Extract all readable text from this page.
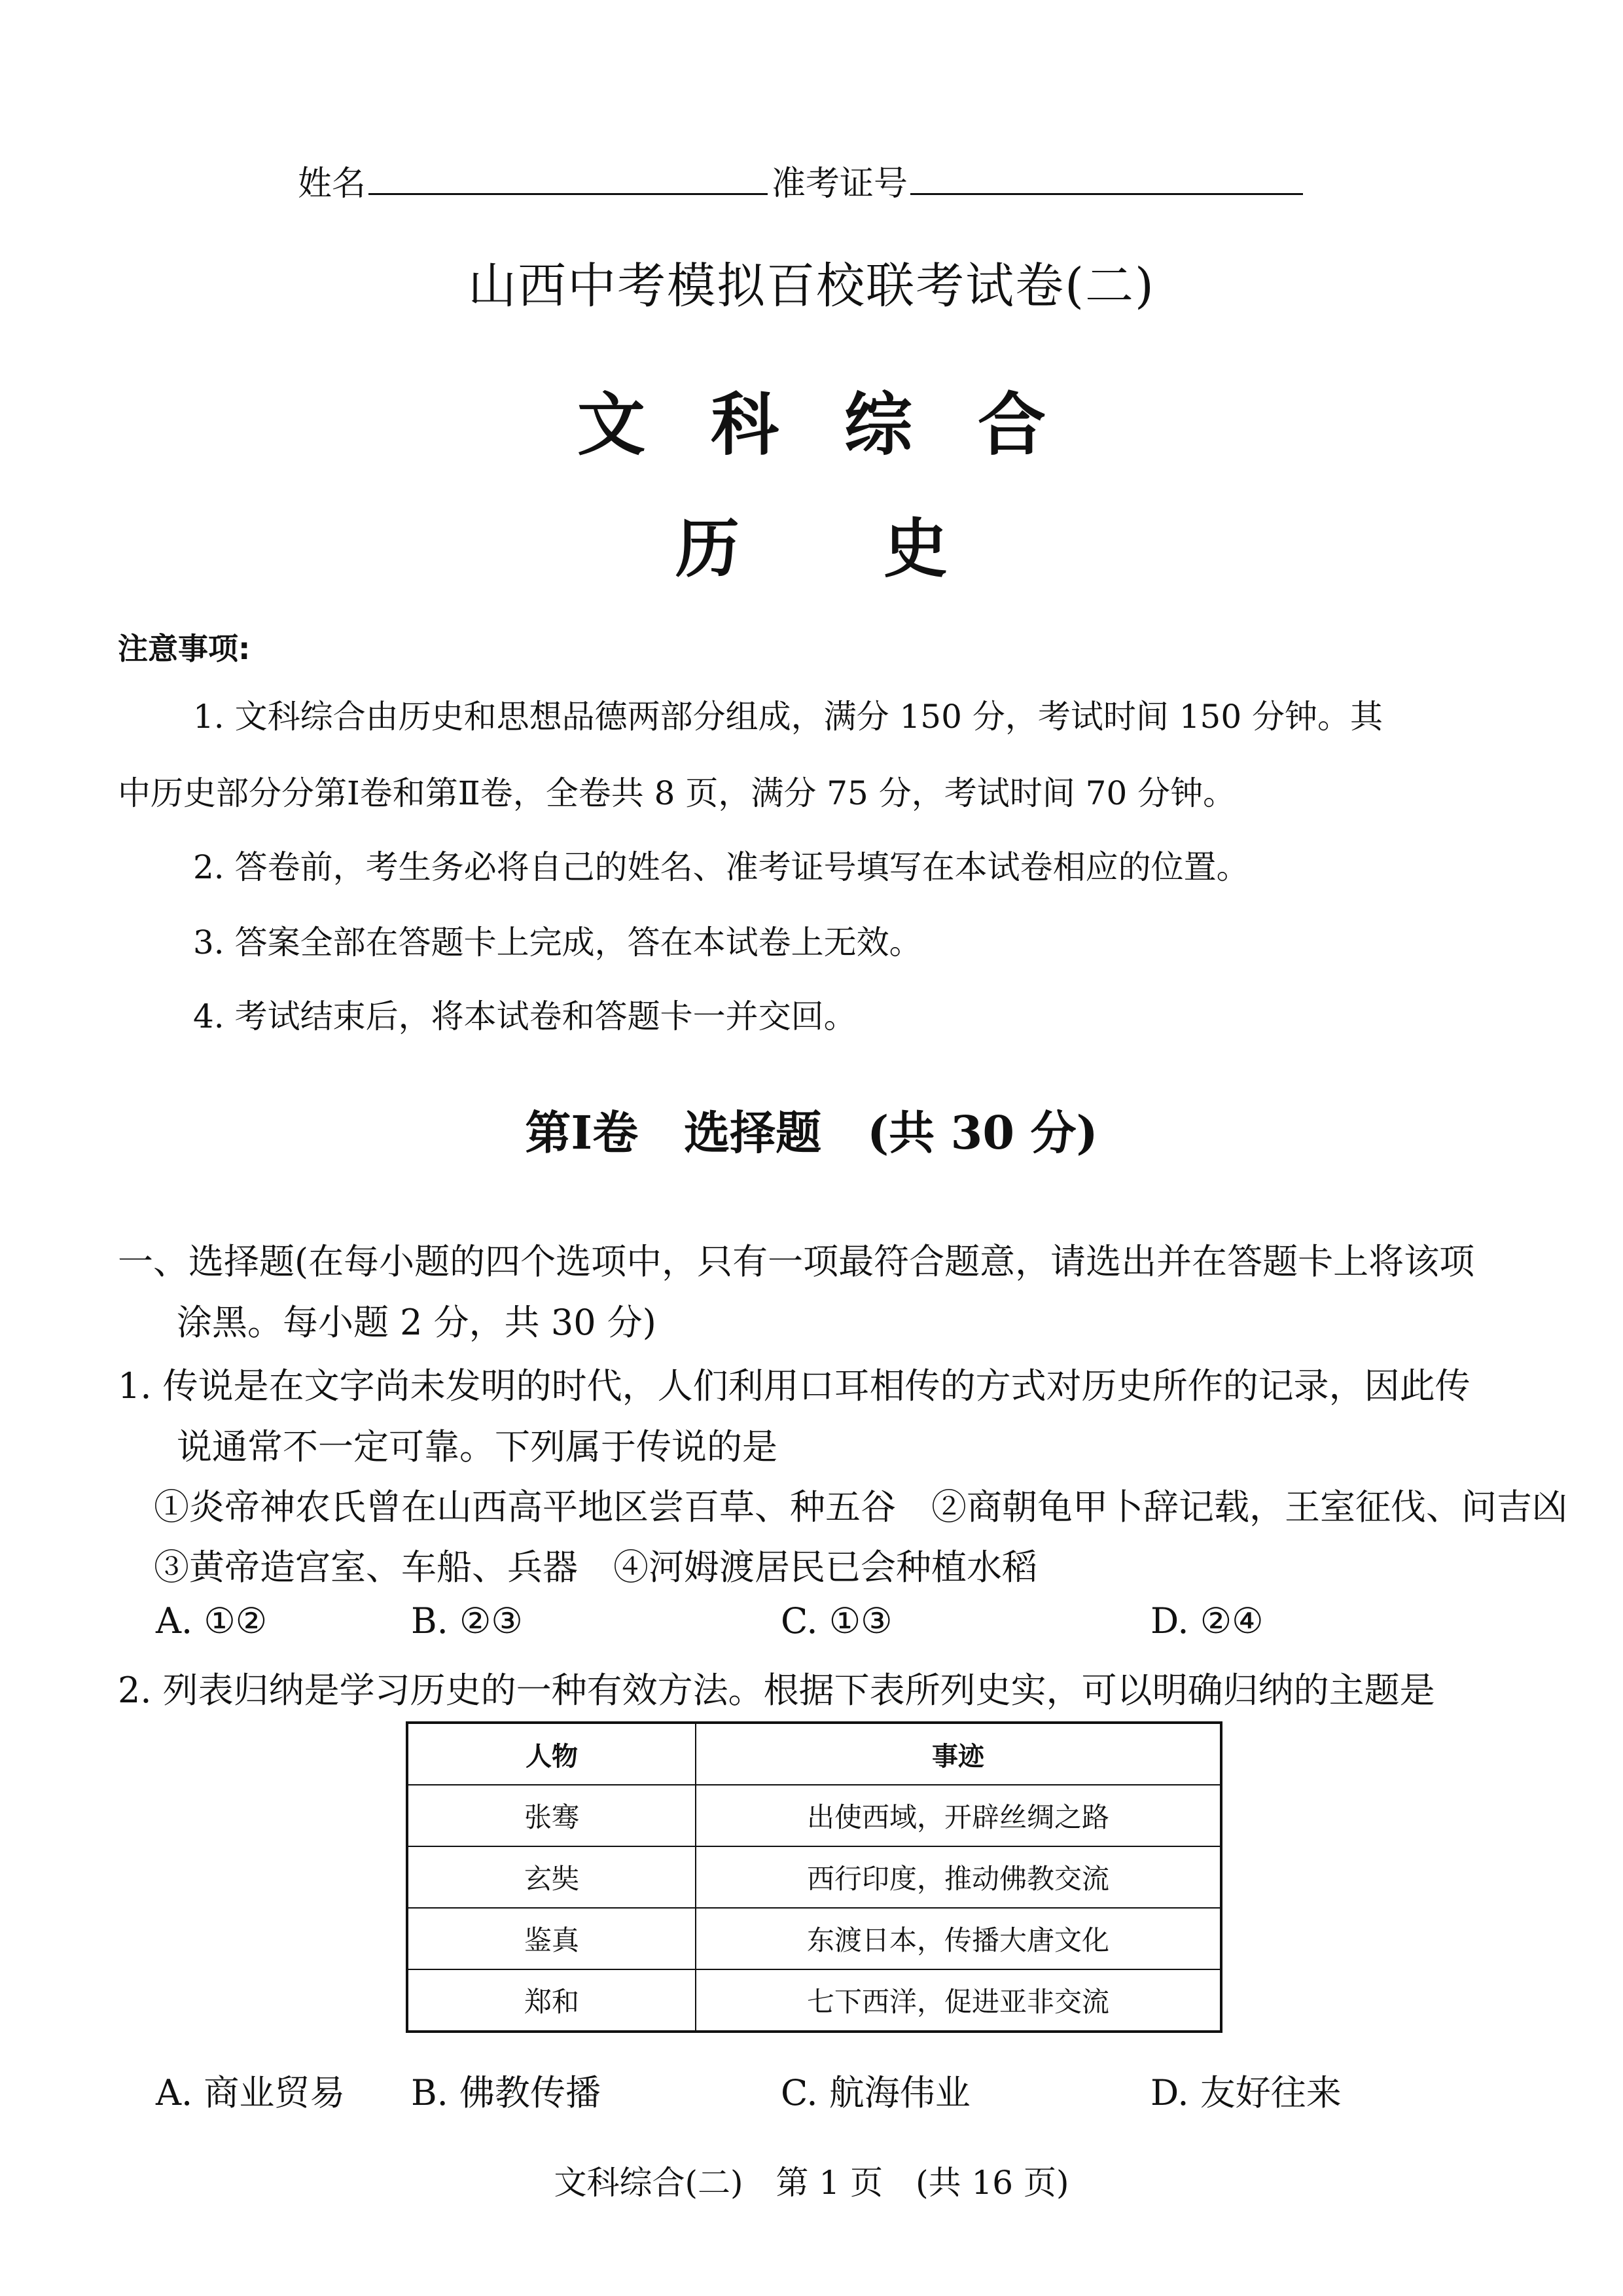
姓名	准考证号
山西中考模拟百校联考试卷(二)
文科综合
历史
注意事项:
1. 文科综合由历史和思想品德两部分组成，满分 150 分，考试时间 150 分钟。其
中历史部分分第Ⅰ卷和第Ⅱ卷，全卷共 8 页，满分 75 分，考试时间 70 分钟。
2. 答卷前，考生务必将自己的姓名、准考证号填写在本试卷相应的位置。
3. 答案全部在答题卡上完成，答在本试卷上无效。
4. 考试结束后，将本试卷和答题卡一并交回。
第Ⅰ卷　选择题　(共 30 分)
一、选择题(在每小题的四个选项中，只有一项最符合题意，请选出并在答题卡上将该项
涂黑。每小题 2 分，共 30 分)
1. 传说是在文字尚未发明的时代，人们利用口耳相传的方式对历史所作的记录，因此传
说通常不一定可靠。下列属于传说的是
①炎帝神农氏曾在山西高平地区尝百草、种五谷　②商朝龟甲卜辞记载，王室征伐、问吉凶
③黄帝造宫室、车船、兵器　④河姆渡居民已会种植水稻
A. ①②	B. ②③	C. ①③	D. ②④
2. 列表归纳是学习历史的一种有效方法。根据下表所列史实，可以明确归纳的主题是
人物	事迹
张骞	出使西域，开辟丝绸之路
玄奘	西行印度，推动佛教交流
鉴真	东渡日本，传播大唐文化
郑和	七下西洋，促进亚非交流
A. 商业贸易 B. 佛教传播	C. 航海伟业	D. 友好往来
文科综合(二)　第 1 页　(共 16 页)
